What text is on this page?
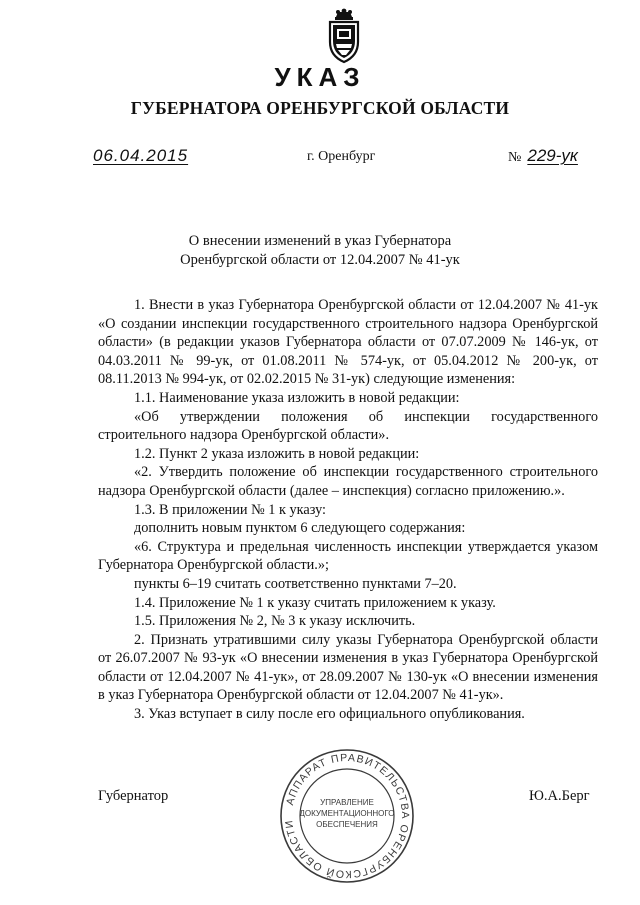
УКАЗ
ГУБЕРНАТОРА ОРЕНБУРГСКОЙ ОБЛАСТИ
06.04.2015	г. Оренбург	№ 229-ук
О внесении изменений в указ Губернатора
Оренбургской области от 12.04.2007 № 41-ук

1. Внести в указ Губернатора Оренбургской области от 12.04.2007 № 41-ук «О создании инспекции государственного строительного надзора Оренбургской области» (в редакции указов Губернатора области от 07.07.2009 № 146-ук, от 04.03.2011 № 99-ук, от 01.08.2011 № 574-ук, от 05.04.2012 № 200-ук, от 08.11.2013 № 994-ук, от 02.02.2015 № 31-ук) следующие изменения:

1.1. Наименование указа изложить в новой редакции:

«Об утверждении положения об инспекции государственного строительного надзора Оренбургской области».

1.2. Пункт 2 указа изложить в новой редакции:

«2. Утвердить положение об инспекции государственного строительного надзора Оренбургской области (далее – инспекция) согласно приложению.».

1.3. В приложении № 1 к указу:

дополнить новым пунктом 6 следующего содержания:

«6. Структура и предельная численность инспекции утверждается указом Губернатора Оренбургской области.»;

пункты 6–19 считать соответственно пунктами 7–20.

1.4. Приложение № 1 к указу считать приложением к указу.

1.5. Приложения № 2, № 3 к указу исключить.

2. Признать утратившими силу указы Губернатора Оренбургской области от 26.07.2007 № 93-ук «О внесении изменения в указ Губернатора Оренбургской области от 12.04.2007 № 41-ук», от 28.09.2007 № 130-ук «О внесении изменения в указ Губернатора Оренбургской области от 12.04.2007 № 41-ук».

3. Указ вступает в силу после его официального опубликования.

Губернатор	Ю.А.Берг
АППАРАТ ПРАВИТЕЛЬСТВА ОРЕНБУРГСКОЙ ОБЛАСТИ
УПРАВЛЕНИЕ
ДОКУМЕНТАЦИОННОГО
ОБЕСПЕЧЕНИЯ
